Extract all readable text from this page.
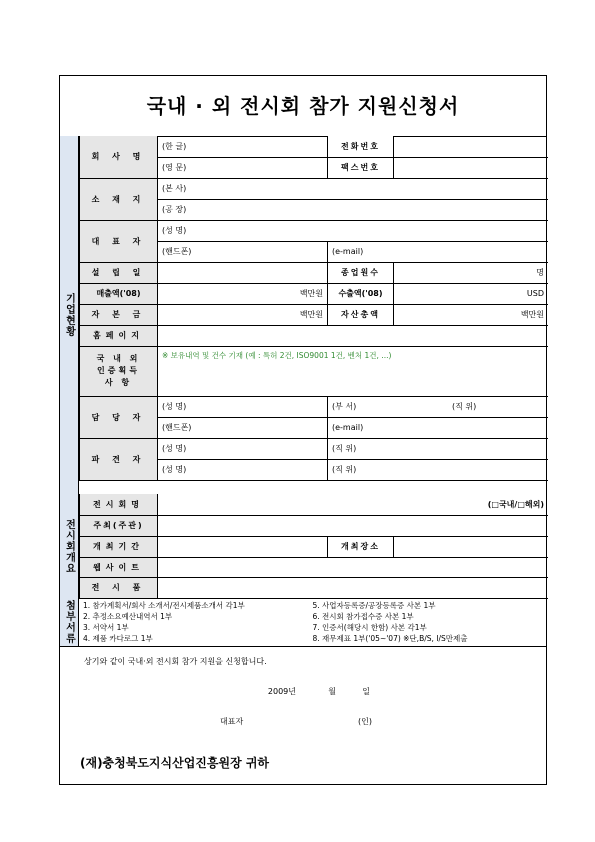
국내 · 외 전시회 참가 지원신청서
기업현황
회 사 명	(한 글)	전화번호	
	(영 문)	팩스번호	
소 재 지	(본 사)		
	(공 장)		
대 표 자	(성 명)		
	(핸드폰)	(e-mail)	
설 립 일		종업원수	명
매출액('08)	백만원	수출액('08)	USD
자 본 금	백만원	자산총액	백만원
홈페이지			

국 내 외
인증획득
사 항	※ 보유내역 및 건수 기재 (예 : 특허 2건, ISO9001 1건, 벤처 1건, ...)		
담 당 자	(성 명)	(부 서) (직 위)	
	(핸드폰)	(e-mail)	
파 견 자	(성 명)	(직 위)	
	(성 명)	(직 위)	
전시회개요
전시회명	(□국내/□해외)		
주최(주관)			
개최기간		개최장소	
웹사이트			
전 시 품			
첨부서류 1. 참가계획서/회사 소개서/전시제품소개서 각1부	5. 사업자등록증/공장등록증 사본 1부
2. 추정소요예산내역서 1부	6. 전시회 참가접수증 사본 1부
3. 서약서 1부	7. 인증서(해당시 한함) 사본 각1부
4. 제품 카다로그 1부	8. 재무제표 1부('05~'07) ※단,B/S, I/S만제출
상기와 같이 국내·외 전시회 참가 지원을 신청합니다.
2009년	월	일
대표자	(인)
(재)충청북도지식산업진흥원장 귀하
